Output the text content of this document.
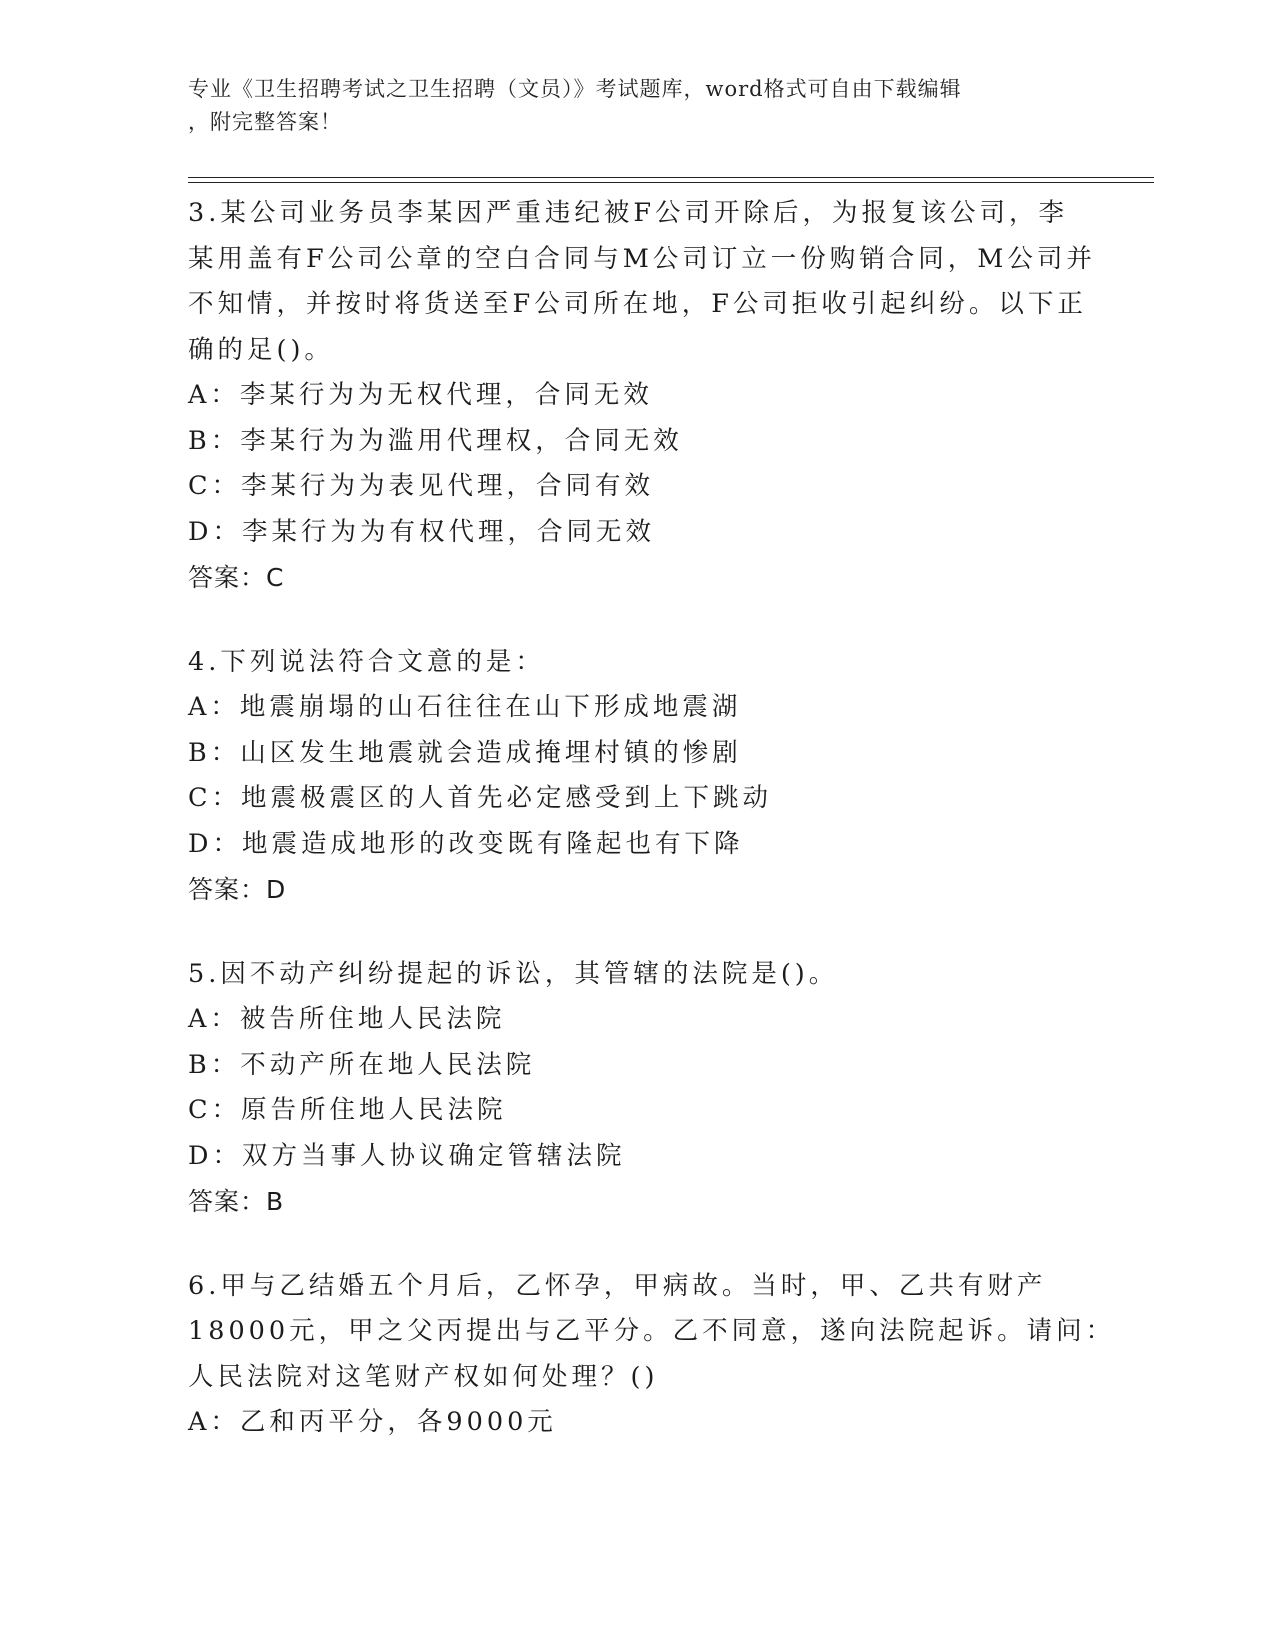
专业《卫生招聘考试之卫生招聘（文员）》考试题库，word格式可自由下载编辑
，附完整答案！
3.某公司业务员李某因严重违纪被F公司开除后，为报复该公司，李
某用盖有F公司公章的空白合同与M公司订立一份购销合同，M公司并
不知情，并按时将货送至F公司所在地，F公司拒收引起纠纷。以下正
确的足()。
A：李某行为为无权代理，合同无效
B：李某行为为滥用代理权，合同无效
C：李某行为为表见代理，合同有效
D：李某行为为有权代理，合同无效
答案：C
4.下列说法符合文意的是：
A：地震崩塌的山石往往在山下形成地震湖
B：山区发生地震就会造成掩埋村镇的惨剧
C：地震极震区的人首先必定感受到上下跳动
D：地震造成地形的改变既有隆起也有下降
答案：D
5.因不动产纠纷提起的诉讼，其管辖的法院是()。
A：被告所住地人民法院
B：不动产所在地人民法院
C：原告所住地人民法院
D：双方当事人协议确定管辖法院
答案：B
6.甲与乙结婚五个月后，乙怀孕，甲病故。当时，甲、乙共有财产
18000元，甲之父丙提出与乙平分。乙不同意，遂向法院起诉。请问：
人民法院对这笔财产权如何处理？()
A：乙和丙平分，各9000元
